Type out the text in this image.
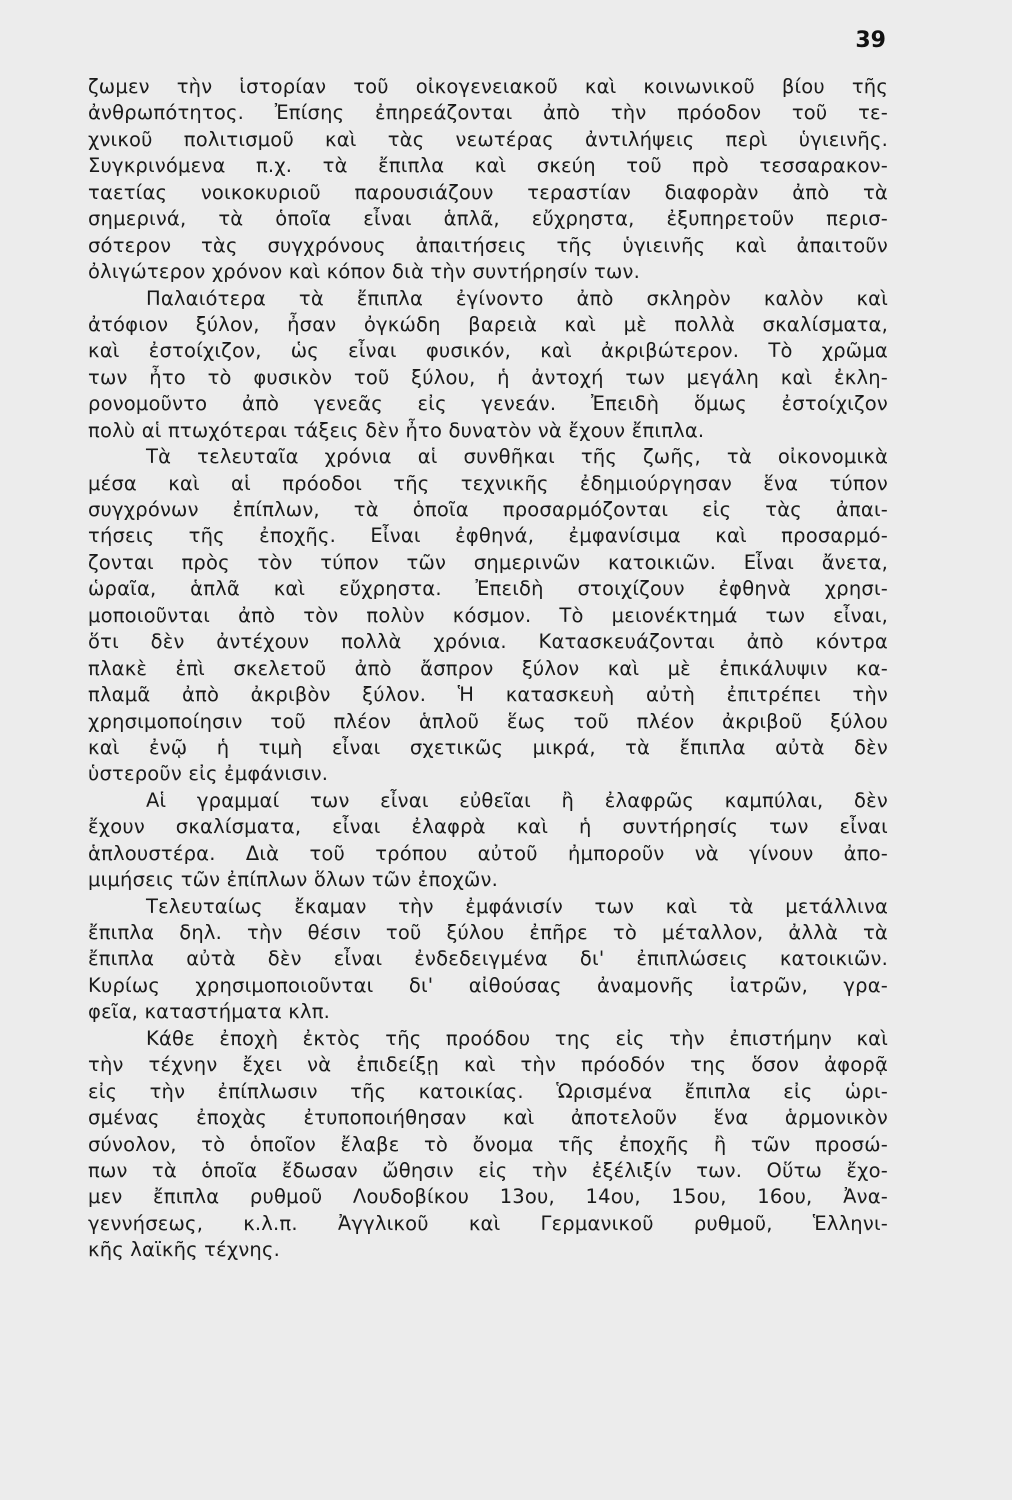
39
ζωμεν τὴν ἱστορίαν τοῦ οἰκογενειακοῦ καὶ κοινωνικοῦ βίου τῆς
ἀνθρωπότητος. Ἐπίσης ἐπηρεάζονται ἀπὸ τὴν πρόοδον τοῦ τε-
χνικοῦ πολιτισμοῦ καὶ τὰς νεωτέρας ἀντιλήψεις περὶ ὑγιεινῆς.
Συγκρινόμενα π.χ. τὰ ἔπιπλα καὶ σκεύη τοῦ πρὸ τεσσαρακον-
ταετίας νοικοκυριοῦ παρουσιάζουν τεραστίαν διαφορὰν ἀπὸ τὰ
σημερινά, τὰ ὁποῖα εἶναι ἁπλᾶ, εὔχρηστα, ἐξυπηρετοῦν περισ-
σότερον τὰς συγχρόνους ἀπαιτήσεις τῆς ὑγιεινῆς καὶ ἀπαιτοῦν
ὀλιγώτερον χρόνον καὶ κόπον διὰ τὴν συντήρησίν των.
Παλαιότερα τὰ ἔπιπλα ἐγίνοντο ἀπὸ σκληρὸν καλὸν καὶ
ἀτόφιον ξύλον, ἦσαν ὀγκώδη βαρειὰ καὶ μὲ πολλὰ σκαλίσματα,
καὶ ἐστοίχιζον, ὡς εἶναι φυσικόν, καὶ ἀκριβώτερον. Τὸ χρῶμα
των ἦτο τὸ φυσικὸν τοῦ ξύλου, ἡ ἀντοχή των μεγάλη καὶ ἐκλη-
ρονομοῦντο ἀπὸ γενεᾶς εἰς γενεάν. Ἐπειδὴ ὅμως ἐστοίχιζον
πολὺ αἱ πτωχότεραι τάξεις δὲν ἦτο δυνατὸν νὰ ἔχουν ἔπιπλα.
Τὰ τελευταῖα χρόνια αἱ συνθῆκαι τῆς ζωῆς, τὰ οἰκονομικὰ
μέσα καὶ αἱ πρόοδοι τῆς τεχνικῆς ἐδημιούργησαν ἕνα τύπον
συγχρόνων ἐπίπλων, τὰ ὁποῖα προσαρμόζονται εἰς τὰς ἀπαι-
τήσεις τῆς ἐποχῆς. Εἶναι ἐφθηνά, ἐμφανίσιμα καὶ προσαρμό-
ζονται πρὸς τὸν τύπον τῶν σημερινῶν κατοικιῶν. Εἶναι ἄνετα,
ὡραῖα, ἁπλᾶ καὶ εὔχρηστα. Ἐπειδὴ στοιχίζουν ἐφθηνὰ χρησι-
μοποιοῦνται ἀπὸ τὸν πολὺν κόσμον. Τὸ μειονέκτημά των εἶναι,
ὅτι δὲν ἀντέχουν πολλὰ χρόνια. Κατασκευάζονται ἀπὸ κόντρα
πλακὲ ἐπὶ σκελετοῦ ἀπὸ ἄσπρον ξύλον καὶ μὲ ἐπικάλυψιν κα-
πλαμᾶ ἀπὸ ἀκριβὸν ξύλον. Ἡ κατασκευὴ αὐτὴ ἐπιτρέπει τὴν
χρησιμοποίησιν τοῦ πλέον ἁπλοῦ ἕως τοῦ πλέον ἀκριβοῦ ξύλου
καὶ ἐνῷ ἡ τιμὴ εἶναι σχετικῶς μικρά, τὰ ἔπιπλα αὐτὰ δὲν
ὑστεροῦν εἰς ἐμφάνισιν.
Αἱ γραμμαί των εἶναι εὐθεῖαι ἢ ἐλαφρῶς καμπύλαι, δὲν
ἔχουν σκαλίσματα, εἶναι ἐλαφρὰ καὶ ἡ συντήρησίς των εἶναι
ἁπλουστέρα. Διὰ τοῦ τρόπου αὐτοῦ ἠμποροῦν νὰ γίνουν ἀπο-
μιμήσεις τῶν ἐπίπλων ὅλων τῶν ἐποχῶν.
Τελευταίως ἔκαμαν τὴν ἐμφάνισίν των καὶ τὰ μετάλλινα
ἔπιπλα δηλ. τὴν θέσιν τοῦ ξύλου ἐπῆρε τὸ μέταλλον, ἀλλὰ τὰ
ἔπιπλα αὐτὰ δὲν εἶναι ἐνδεδειγμένα δι' ἐπιπλώσεις κατοικιῶν.
Κυρίως χρησιμοποιοῦνται δι' αἰθούσας ἀναμονῆς ἰατρῶν, γρα-
φεῖα, καταστήματα κλπ.
Κάθε ἐποχὴ ἐκτὸς τῆς προόδου της εἰς τὴν ἐπιστήμην καὶ
τὴν τέχνην ἔχει νὰ ἐπιδείξῃ καὶ τὴν πρόοδόν της ὅσον ἀφορᾷ
εἰς τὴν ἐπίπλωσιν τῆς κατοικίας. Ὡρισμένα ἔπιπλα εἰς ὡρι-
σμένας ἐποχὰς ἐτυποποιήθησαν καὶ ἀποτελοῦν ἕνα ἁρμονικὸν
σύνολον, τὸ ὁποῖον ἔλαβε τὸ ὄνομα τῆς ἐποχῆς ἢ τῶν προσώ-
πων τὰ ὁποῖα ἔδωσαν ὤθησιν εἰς τὴν ἐξέλιξίν των. Οὕτω ἔχο-
μεν ἔπιπλα ρυθμοῦ Λουδοβίκου 13ου, 14ου, 15ου, 16ου, Ἀνα-
γεννήσεως, κ.λ.π. Ἀγγλικοῦ καὶ Γερμανικοῦ ρυθμοῦ, Ἑλληνι-
κῆς λαϊκῆς τέχνης.
